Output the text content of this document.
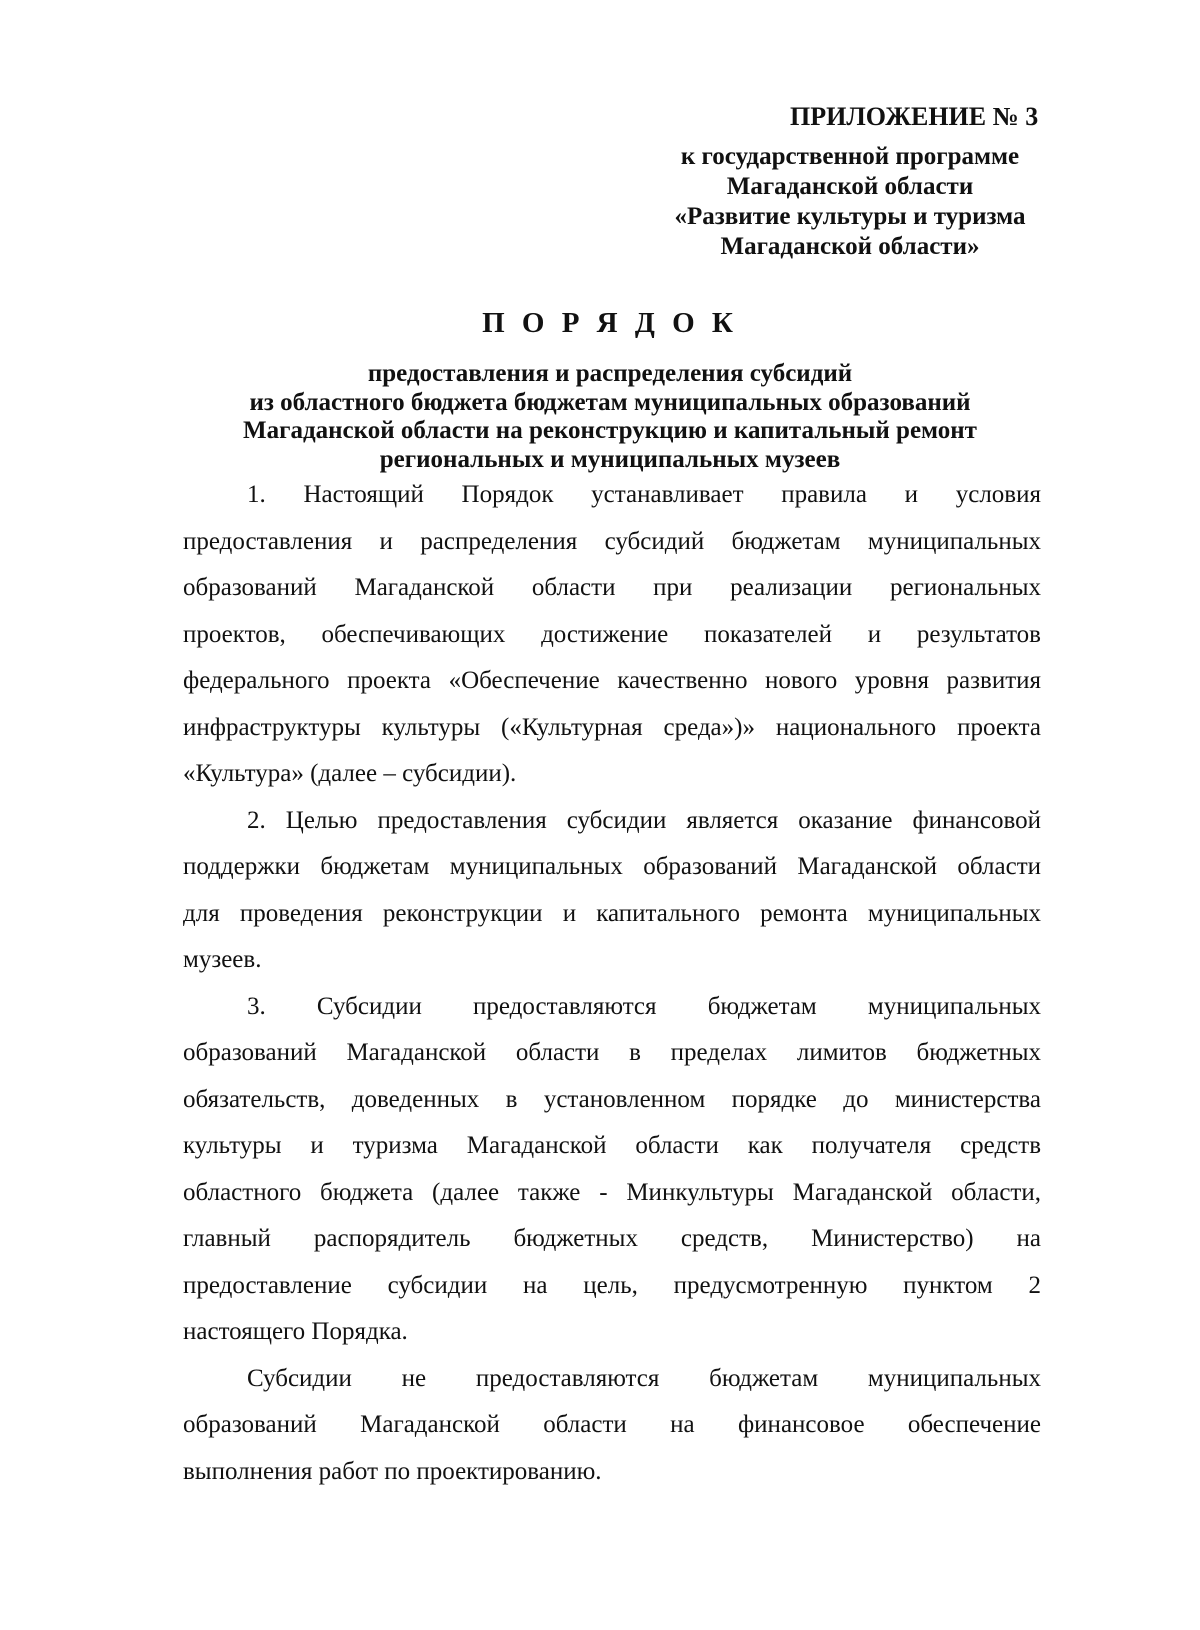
ПРИЛОЖЕНИЕ № 3
к государственной программе
Магаданской области
«Развитие культуры и туризма
Магаданской области»
П О Р Я Д О К
предоставления и распределения субсидий
из областного бюджета бюджетам муниципальных образований
Магаданской области на реконструкцию и капитальный ремонт
региональных и муниципальных музеев
1. Настоящий Порядок устанавливает правила и условия
предоставления и распределения субсидий бюджетам муниципальных
образований Магаданской области при реализации региональных
проектов, обеспечивающих достижение показателей и результатов
федерального проекта «Обеспечение качественно нового уровня развития
инфраструктуры культуры («Культурная среда»)» национального проекта
«Культура» (далее – субсидии).
2. Целью предоставления субсидии является оказание финансовой
поддержки бюджетам муниципальных образований Магаданской области
для проведения реконструкции и капитального ремонта муниципальных
музеев.
3. Субсидии предоставляются бюджетам муниципальных
образований Магаданской области в пределах лимитов бюджетных
обязательств, доведенных в установленном порядке до министерства
культуры и туризма Магаданской области как получателя средств
областного бюджета (далее также - Минкультуры Магаданской области,
главный распорядитель бюджетных средств, Министерство) на
предоставление субсидии на цель, предусмотренную пунктом 2
настоящего Порядка.
Субсидии не предоставляются бюджетам муниципальных
образований Магаданской области на финансовое обеспечение
выполнения работ по проектированию.
